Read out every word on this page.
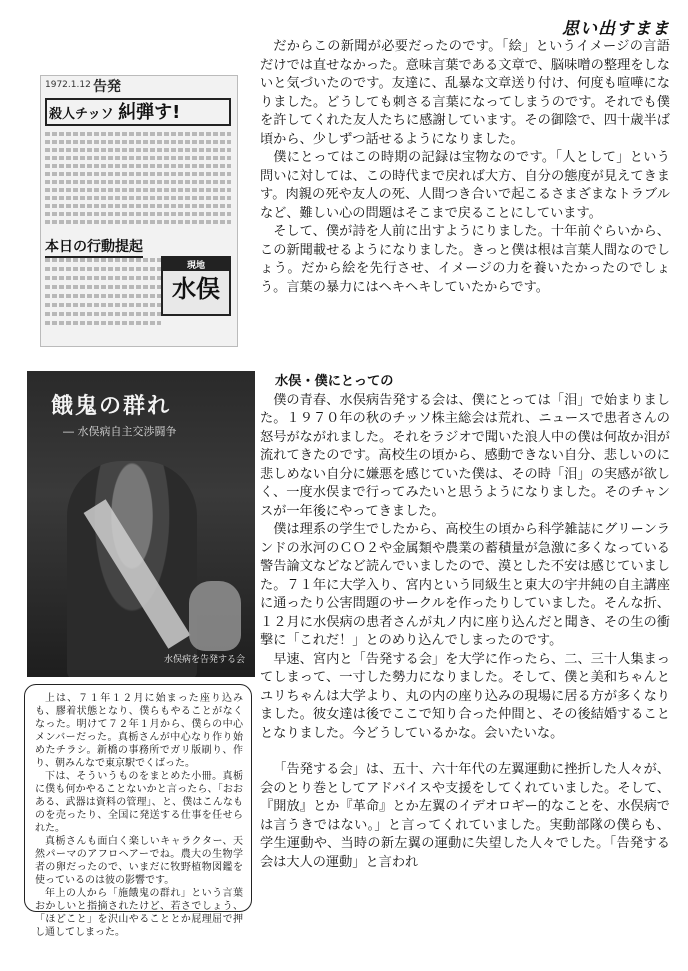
思い出すまま
1972.1.12 告発
殺人チッソ 糾弾す!
本日の行動提起
現地
水俣
餓鬼の群れ
― 水俣病自主交渉闘争
水俣病を告発する会

上は、７１年１２月に始まった座り込みも、膠着状態となり、僕らもやることがなくなった。明けて７２年１月から、僕らの中心メンバーだった。真栃さんが中心なり作り始めたチラシ。新橋の事務所でガリ版刷り、作り、朝みんなで東京駅でくばった。

下は、そういうものをまとめた小冊。真栃に僕も何かやることないかと言ったら、「おおある、武器は資料の管理」、と、僕はこんなものを売ったり、全国に発送する仕事を任せられた。

真栃さんも面白く楽しいキャラクター、天然パーマのアフロヘアーでね。農大の生物学者の卵だったので、いまだに牧野植物図鑑を使っているのは彼の影響です。

年上の人から「施餓鬼の群れ」という言葉おかしいと指摘されたけど、若さでしょう、「ほどこと」を沢山やることとか屁理屈で押し通してしまった。

だからこの新聞が必要だったのです。「絵」というイメージの言語だけでは直せなかった。意味言葉である文章で、脳味噌の整理をしないと気づいたのです。友達に、乱暴な文章送り付け、何度も喧嘩になりました。どうしても刺さる言葉になってしまうのです。それでも僕を許してくれた友人たちに感謝しています。その御陰で、四十歳半ば頃から、少しずつ話せるようになりました。

僕にとってはこの時期の記録は宝物なのです。「人として」という問いに対しては、この時代まで戻れば大方、自分の態度が見えてきます。肉親の死や友人の死、人間つき合いで起こるさまざまなトラブルなど、難しい心の問題はそこまで戻ることにしています。

そして、僕が詩を人前に出すようにりました。十年前ぐらいから、この新聞載せるようになりました。きっと僕は根は言葉人間なのでしょう。だから絵を先行させ、イメージの力を養いたかったのでしょう。言葉の暴力にはヘキヘキしていたからです。

水俣・僕にとっての

僕の青春、水俣病告発する会は、僕にとっては「泪」で始まりました。１９７０年の秋のチッソ株主総会は荒れ、ニュースで患者さんの怒号がながれました。それをラジオで聞いた浪人中の僕は何故か泪が流れてきたのです。高校生の頃から、感動できない自分、悲しいのに悲しめない自分に嫌悪を感じていた僕は、その時「泪」の実感が欲しく、一度水俣まで行ってみたいと思うようになりました。そのチャンスが一年後にやってきました。

僕は理系の学生でしたから、高校生の頃から科学雑誌にグリーンランドの氷河のＣＯ２や金属類や農業の蓄積量が急激に多くなっている警告論文などなど読んでいましたので、漠とした不安は感じていました。７１年に大学入り、宮内という同級生と東大の宇井純の自主講座に通ったり公害問題のサークルを作ったりしていました。そんな折、１２月に水俣病の患者さんが丸ノ内に座り込んだと聞き、その生の衝撃に「これだ！」とのめり込んでしまったのです。

早速、宮内と「告発する会」を大学に作ったら、二、三十人集まってしまって、一寸した勢力になりました。そして、僕と美和ちゃんとユリちゃんは大学より、丸の内の座り込みの現場に居る方が多くなりました。彼女達は後でここで知り合った仲間と、その後結婚することとなりました。今どうしているかな。会いたいな。

「告発する会」は、五十、六十年代の左翼運動に挫折した人々が、会のとり巻としてアドバイスや支援をしてくれていました。そして、『開放』とか『革命』とか左翼のイデオロギー的なことを、水俣病では言うきではない。」と言ってくれていました。実動部隊の僕らも、学生運動や、当時の新左翼の運動に失望した人々でした。「告発する会は大人の運動」と言われ
